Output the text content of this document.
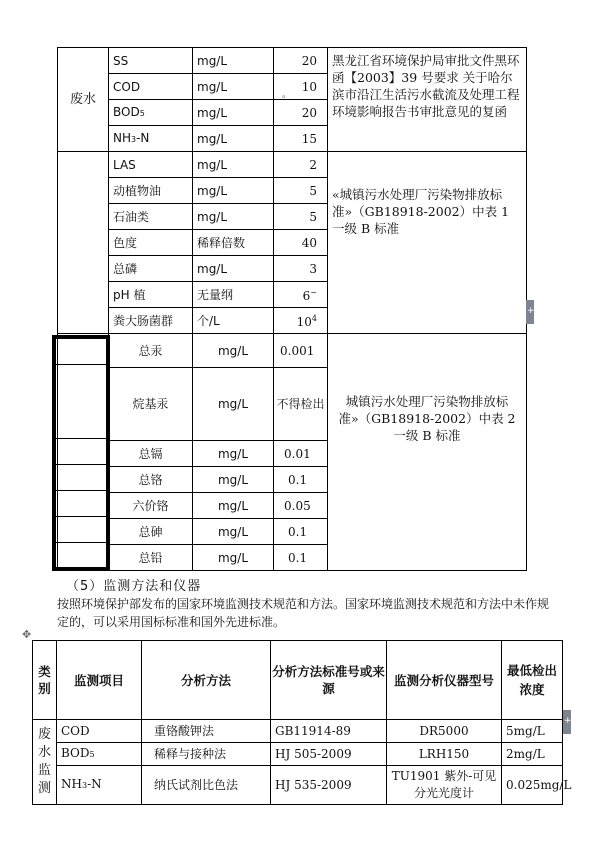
废水	SS	mg/L	20	黑龙江省环境保护局审批文件黑环函【2003】39 号要求 关于哈尔滨市沿江生活污水截流及处理工程环境影响报告书审批意见的复函
	COD	mg/L	10	
	BOD5	mg/L	20	
	NH3-N	mg/L	15	
	LAS	mg/L	2	«城镇污水处理厂污染物排放标准»（GB18918-2002）中表 1 一级 B 标准
	动植物油	mg/L	5	
	石油类	mg/L	5	
	色度	稀释倍数	40	
	总磷	mg/L	3	
	pH 植	无量纲	6~
	粪大肠菌群	个/L	$10^4$
	总汞	mg/L	0.001	城镇污水处理厂污染物排放标准»（GB18918-2002）中表 2 一级 B 标准
	烷基汞	mg/L	不得检出	
	总镉	mg/L	0.01	
	总铬	mg/L	0.1	
	六价铬	mg/L	0.05	
	总砷	mg/L	0.1	
	总铅	mg/L	0.1	
。
+
（5）监测方法和仪器
按照环境保护部发布的国家环境监测技术规范和方法。国家环境监测技术规范和方法中未作规定的，可以采用国标标准和国外先进标准。
✥
类别	监测项目	分析方法	分析方法标准号或来源	监测分析仪器型号	最低检出浓度
废水监测	COD	重铬酸钾法	GB11914-89	DR5000	5mg/L
	BOD5	稀释与接种法	HJ 505-2009	LRH150	2mg/L
	NH3-N	纳氏试剂比色法	HJ 535-2009	TU1901 紫外-可见分光光度计	0.025mg/L
+
